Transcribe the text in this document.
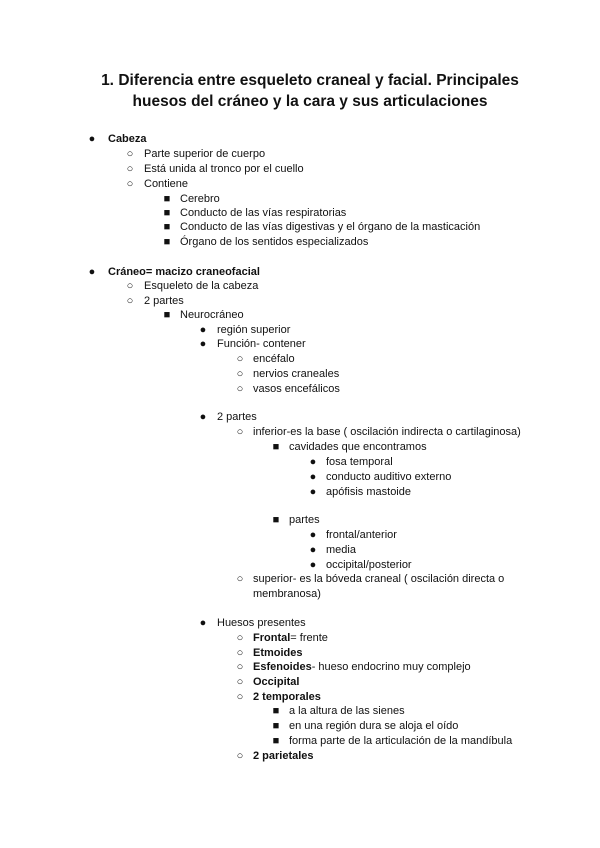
1. Diferencia entre esqueleto craneal y facial. Principales
huesos del cráneo y la cara y sus articulaciones
● Cabeza
○ Parte superior de cuerpo
○ Está unida al tronco por el cuello
○ Contiene
■ Cerebro
■ Conducto de las vías respiratorias
■ Conducto de las vías digestivas y el órgano de la masticación
■ Órgano de los sentidos especializados
● Cráneo= macizo craneofacial
○ Esqueleto de la cabeza
○ 2 partes
■ Neurocráneo
● región superior
● Función- contener
○ encéfalo
○ nervios craneales
○ vasos encefálicos
● 2 partes
○ inferior-es la base ( oscilación indirecta o cartilaginosa)
■ cavidades que encontramos
● fosa temporal
● conducto auditivo externo
● apófisis mastoide
■ partes
● frontal/anterior
● media
● occipital/posterior
○ superior- es la bóveda craneal ( oscilación directa o
membranosa)
● Huesos presentes
○ Frontal= frente
○ Etmoides
○ Esfenoides- hueso endocrino muy complejo
○ Occipital
○ 2 temporales
■ a la altura de las sienes
■ en una región dura se aloja el oído
■ forma parte de la articulación de la mandíbula
○ 2 parietales
